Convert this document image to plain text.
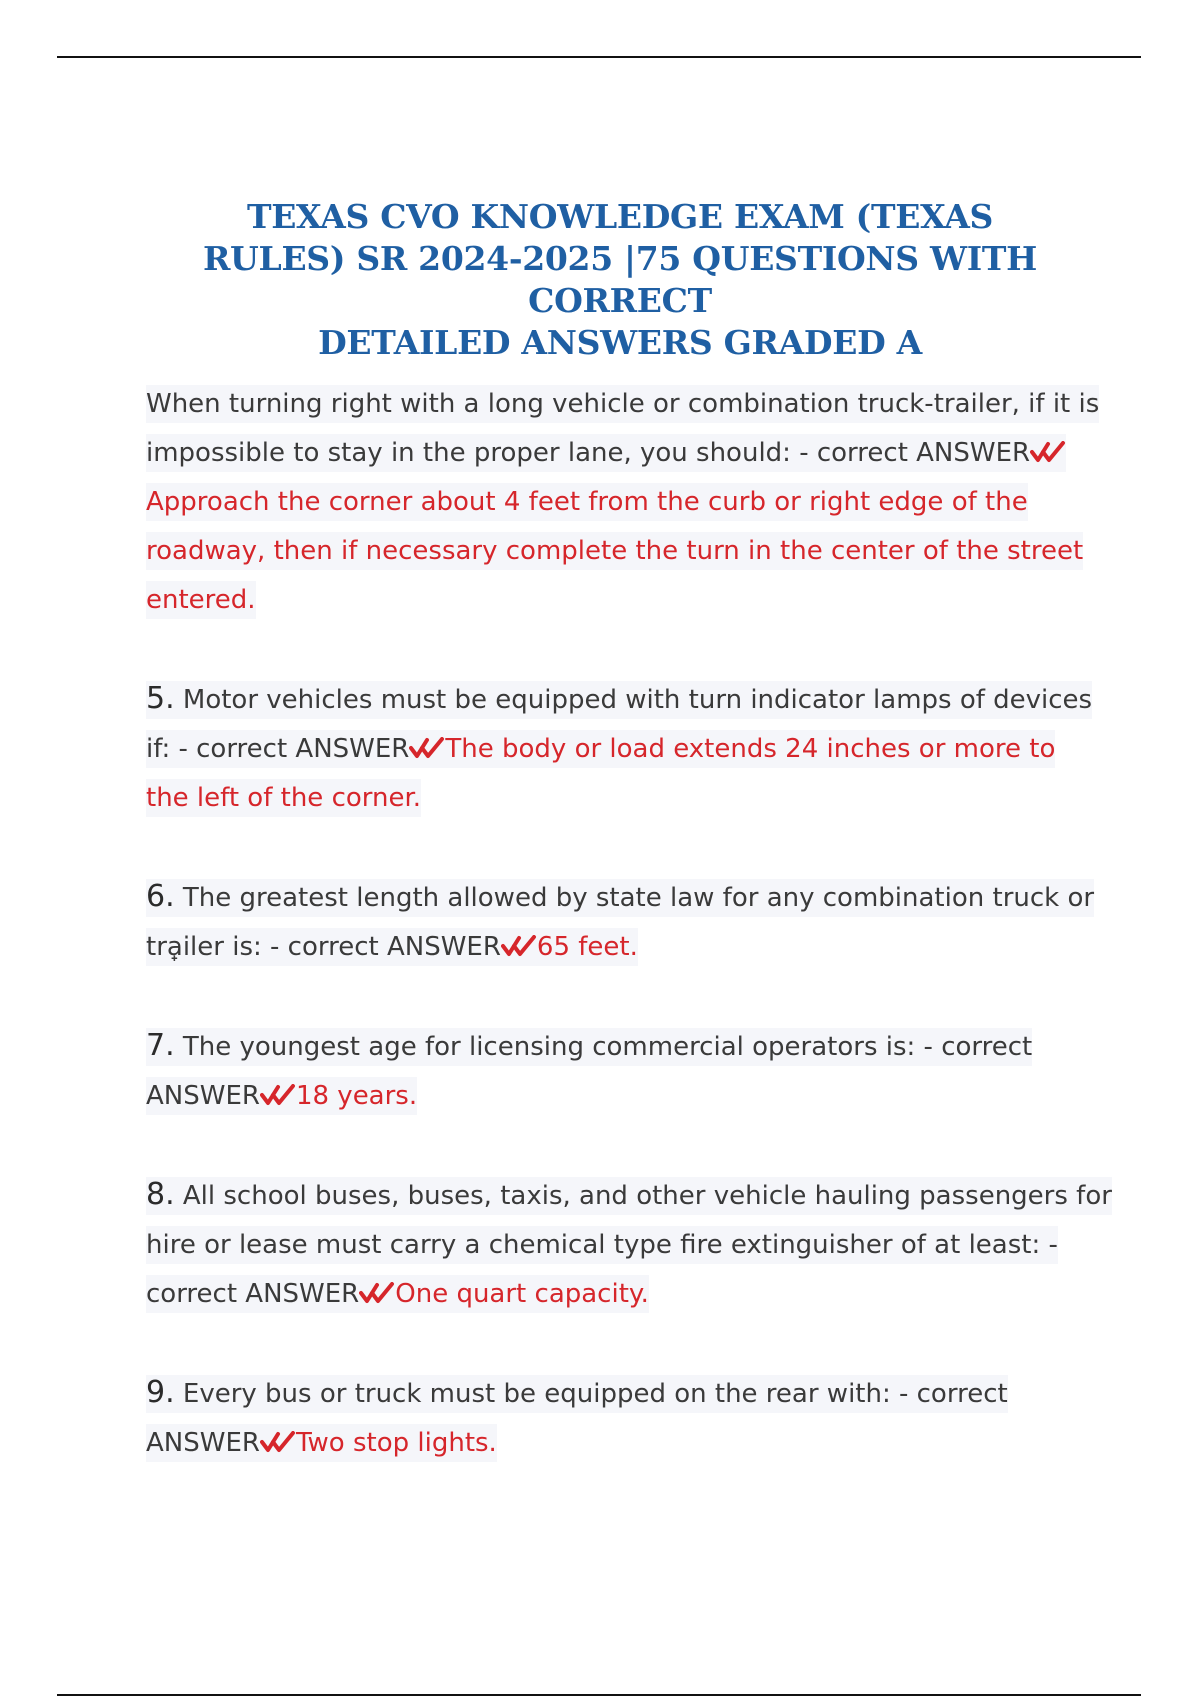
TEXAS CVO KNOWLEDGE EXAM (TEXAS
RULES) SR 2024-2025 |75 QUESTIONS WITH CORRECT
DETAILED ANSWERS GRADED A
When turning right with a long vehicle or combination truck-trailer, if it is
impossible to stay in the proper lane, you should: - correct ANSWER
Approach the corner about 4 feet from the curb or right edge of the
roadway, then if necessary complete the turn in the center of the street
entered.
5. Motor vehicles must be equipped with turn indicator lamps of devices
if: - correct ANSWER The body or load extends 24 inches or more to
the left of the corner.
6. The greatest length allowed by state law for any combination truck or
tra̟iler is: - correct ANSWER 65 feet.
7. The youngest age for licensing commercial operators is: - correct
ANSWER 18 years.
8. All school buses, buses, taxis, and other vehicle hauling passengers for
hire or lease must carry a chemical type fire extinguisher of at least: -
correct ANSWER One quart capacity.
9. Every bus or truck must be equipped on the rear with: - correct
ANSWER Two stop lights.
